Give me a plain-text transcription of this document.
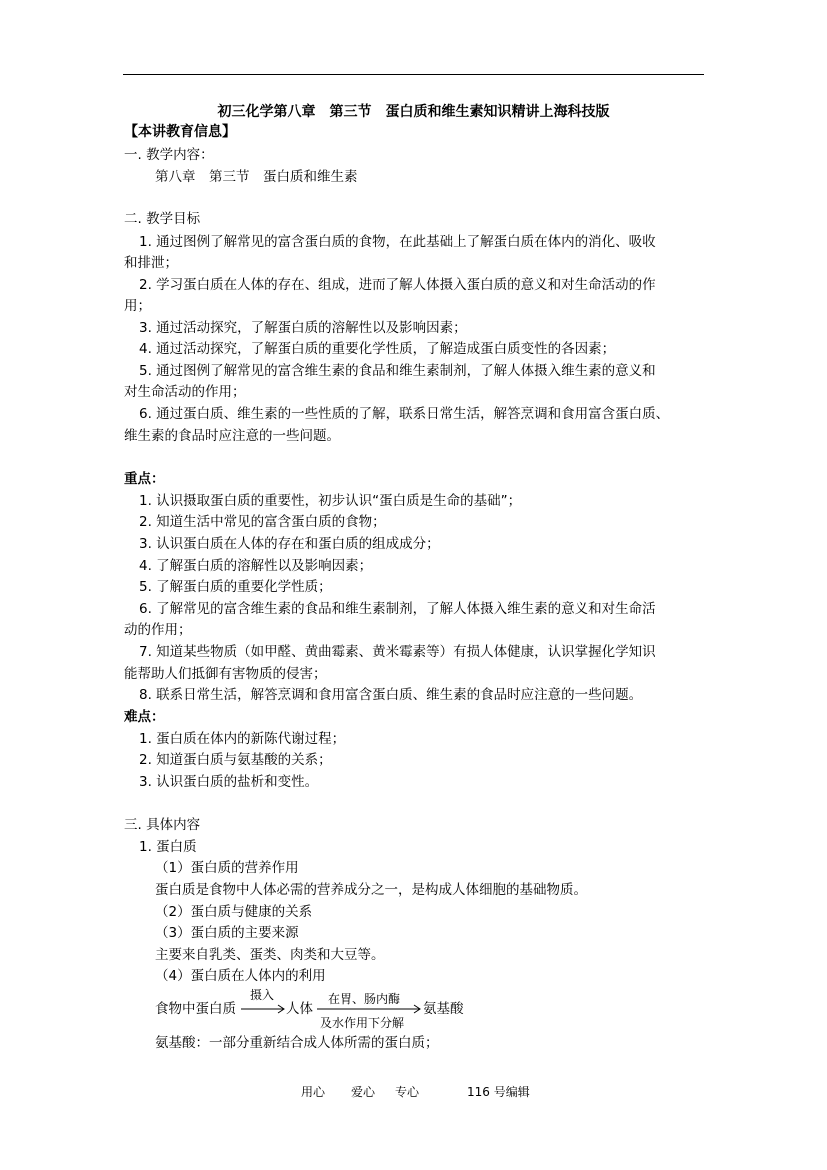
初三化学第八章　第三节　蛋白质和维生素知识精讲上海科技版
【本讲教育信息】
一. 教学内容：
第八章　第三节　蛋白质和维生素
二. 教学目标
1. 通过图例了解常见的富含蛋白质的食物，在此基础上了解蛋白质在体内的消化、吸收
和排泄；
2. 学习蛋白质在人体的存在、组成，进而了解人体摄入蛋白质的意义和对生命活动的作
用；
3. 通过活动探究，了解蛋白质的溶解性以及影响因素；
4. 通过活动探究，了解蛋白质的重要化学性质，了解造成蛋白质变性的各因素；
5. 通过图例了解常见的富含维生素的食品和维生素制剂，了解人体摄入维生素的意义和
对生命活动的作用；
6. 通过蛋白质、维生素的一些性质的了解，联系日常生活，解答烹调和食用富含蛋白质、
维生素的食品时应注意的一些问题。
重点：
1. 认识摄取蛋白质的重要性，初步认识“蛋白质是生命的基础”；
2. 知道生活中常见的富含蛋白质的食物；
3. 认识蛋白质在人体的存在和蛋白质的组成成分；
4. 了解蛋白质的溶解性以及影响因素；
5. 了解蛋白质的重要化学性质；
6. 了解常见的富含维生素的食品和维生素制剂，了解人体摄入维生素的意义和对生命活
动的作用；
7. 知道某些物质（如甲醛、黄曲霉素、黄米霉素等）有损人体健康，认识掌握化学知识
能帮助人们抵御有害物质的侵害；
8. 联系日常生活，解答烹调和食用富含蛋白质、维生素的食品时应注意的一些问题。
难点：
1. 蛋白质在体内的新陈代谢过程；
2. 知道蛋白质与氨基酸的关系；
3. 认识蛋白质的盐析和变性。
三. 具体内容
1. 蛋白质
（1）蛋白质的营养作用
蛋白质是食物中人体必需的营养成分之一，是构成人体细胞的基础物质。
（2）蛋白质与健康的关系
（3）蛋白质的主要来源
主要来自乳类、蛋类、肉类和大豆等。
（4）蛋白质在人体内的利用
食物中蛋白质
摄入
人体
在胃、肠内酶
及水作用下分解
氨基酸
氨基酸：一部分重新结合成人体所需的蛋白质；
用心 爱心 专心	116 号编辑
